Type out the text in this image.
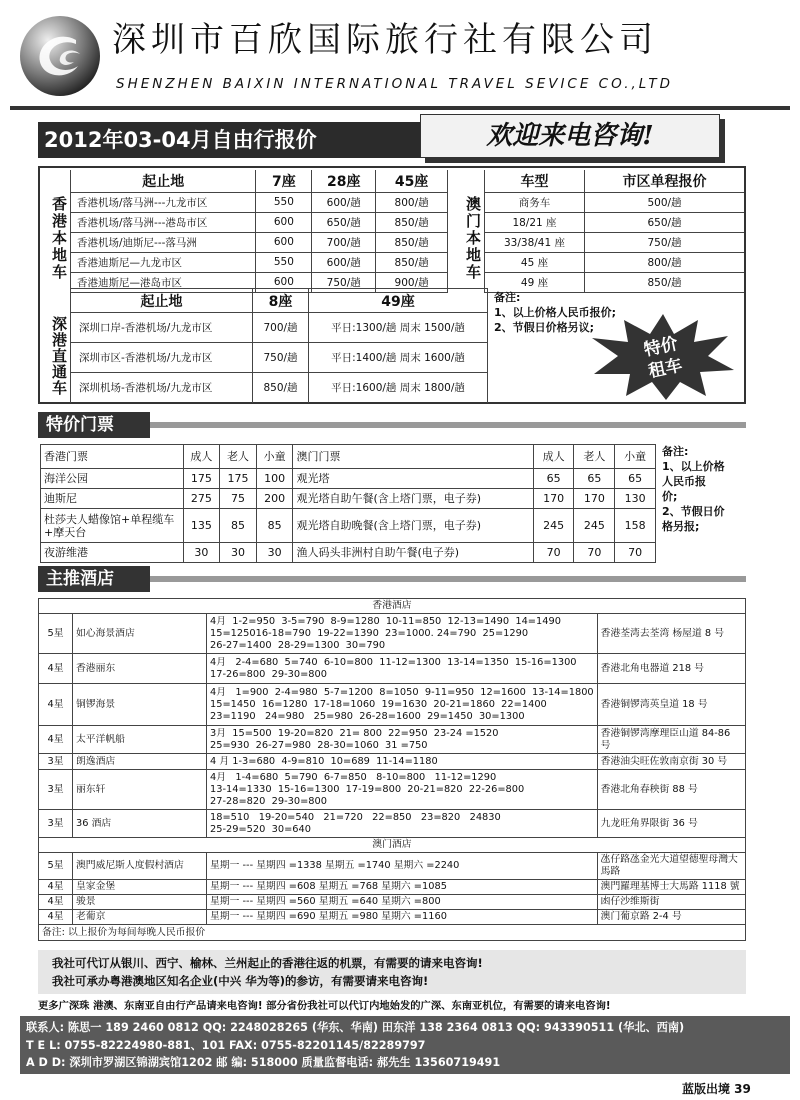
深圳市百欣国际旅行社有限公司
SHENZHEN BAIXIN INTERNATIONAL TRAVEL SEVICE CO.,LTD
2012年03-04月自由行报价	欢迎来电咨询!
香港本地车
起止地	7座	28座	45座
香港机场/落马洲---九龙市区	550	600/趟	800/趟
香港机场/落马洲---港岛市区	600	650/趟	850/趟
香港机场/迪斯尼---落马洲	600	700/趟	850/趟
香港迪斯尼—九龙市区	550	600/趟	850/趟
香港迪斯尼—港岛市区	600	750/趟	900/趟
澳门本地车
车型	市区单程报价
商务车	500/趟
18/21 座	650/趟
33/38/41 座	750/趟
45 座	800/趟
49 座	850/趟
深港直通车
起止地	8座	49座
深圳口岸-香港机场/九龙市区	700/趟	平日:1300/趟 周末 1500/趟
深圳市区-香港机场/九龙市区	750/趟	平日:1400/趟 周末 1600/趟
深圳机场-香港机场/九龙市区	850/趟	平日:1600/趟 周末 1800/趟
备注:
1、以上价格人民币报价;
2、节假日价格另议;
特价
租车
特价门票
香港门票	成人	老人	小童	澳门门票	成人	老人	小童
海洋公园	175	175	100	观光塔	65	65	65
迪斯尼	275	75	200	观光塔自助午餐(含上塔门票，电子券)	170	170	130
杜莎夫人蜡像馆+单程缆车+摩天台	135	85	85	观光塔自助晚餐(含上塔门票，电子券)	245	245	158
夜游维港	30	30	30	渔人码头非洲村自助午餐(电子券)	70	70	70
备注:
1、以上价格
人民币报
价;
2、节假日价
格另报;
主推酒店
香港酒店			
5星	如心海景酒店	4月  1-2=950  3-5=790  8-9=1280  10-11=850  12-13=1490  14=1490
15=125016-18=790  19-22=1390  23=1000. 24=790  25=1290
26-27=1400  28-29=1300  30=790	香港荃湾去荃湾 杨屋道 8 号
4星	香港丽东	4月   2-4=680  5=740  6-10=800  11-12=1300  13-14=1350  15-16=1300
17-26=800  29-30=800	香港北角电器道 218 号
4星	铜锣海景	4月   1=900  2-4=980  5-7=1200  8=1050  9-11=950  12=1600  13-14=1800
15=1450  16=1280  17-18=1060  19=1630  20-21=1860  22=1400
23=1190   24=980   25=980  26-28=1600  29=1450  30=1300	香港铜锣湾英皇道 18 号
4星	太平洋帆船	3月  15=500  19-20=820  21= 800  22=950  23-24 =1520
25=930  26-27=980  28-30=1060  31 =750	香港铜锣湾摩理臣山道 84-86 号
3星	朗逸酒店	4 月 1-3=680  4-9=810  10=689  11-14=1180	香港油尖旺佐敦南京街 30 号
3星	丽东轩	4月   1-4=680  5=790  6-7=850   8-10=800   11-12=1290
13-14=1330  15-16=1300  17-19=800  20-21=820  22-26=800
27-28=820  29-30=800	香港北角春秧街 88 号
3星	36 酒店	18=510   19-20=540   21=720   22=850   23=820   24830
25-29=520  30=640	九龙旺角界限街 36 号
澳门酒店			
5星	澳門威尼斯人度假村酒店	星期一 --- 星期四 =1338 星期五 =1740 星期六 =2240	氹仔路氹金光大道望德聖母灣大馬路
4星	皇家金堡	星期一 --- 星期四 =608 星期五 =768 星期六 =1085	澳門羅理基博士大馬路 1118 號
4星	骏景	星期一 --- 星期四 =560 星期五 =640 星期六 =800	凼仔沙维斯街
4星	老葡京	星期一 --- 星期四 =690 星期五 =980 星期六 =1160	澳门葡京路 2-4 号
备注: 以上报价为每间每晚人民币报价			
我社可代订从银川、西宁、榆林、兰州起止的香港往返的机票，有需要的请来电咨询!
我社可承办粤港澳地区知名企业(中兴 华为等)的参访，有需要请来电咨询!
更多广深珠 港澳、东南亚自由行产品请来电咨询! 部分省份我社可以代订内地始发的广深、东南亚机位，有需要的请来电咨询!
联系人: 陈思一 189 2460 0812 QQ: 2248028265 (华东、华南) 田东洋 138 2364 0813 QQ: 943390511 (华北、西南)
T E L: 0755-82224980-881、101 FAX: 0755-82201145/82289797
A D D: 深圳市罗湖区锦湖宾馆1202 邮 编: 518000 质量监督电话: 郝先生 13560719491
蓝版出境 39
